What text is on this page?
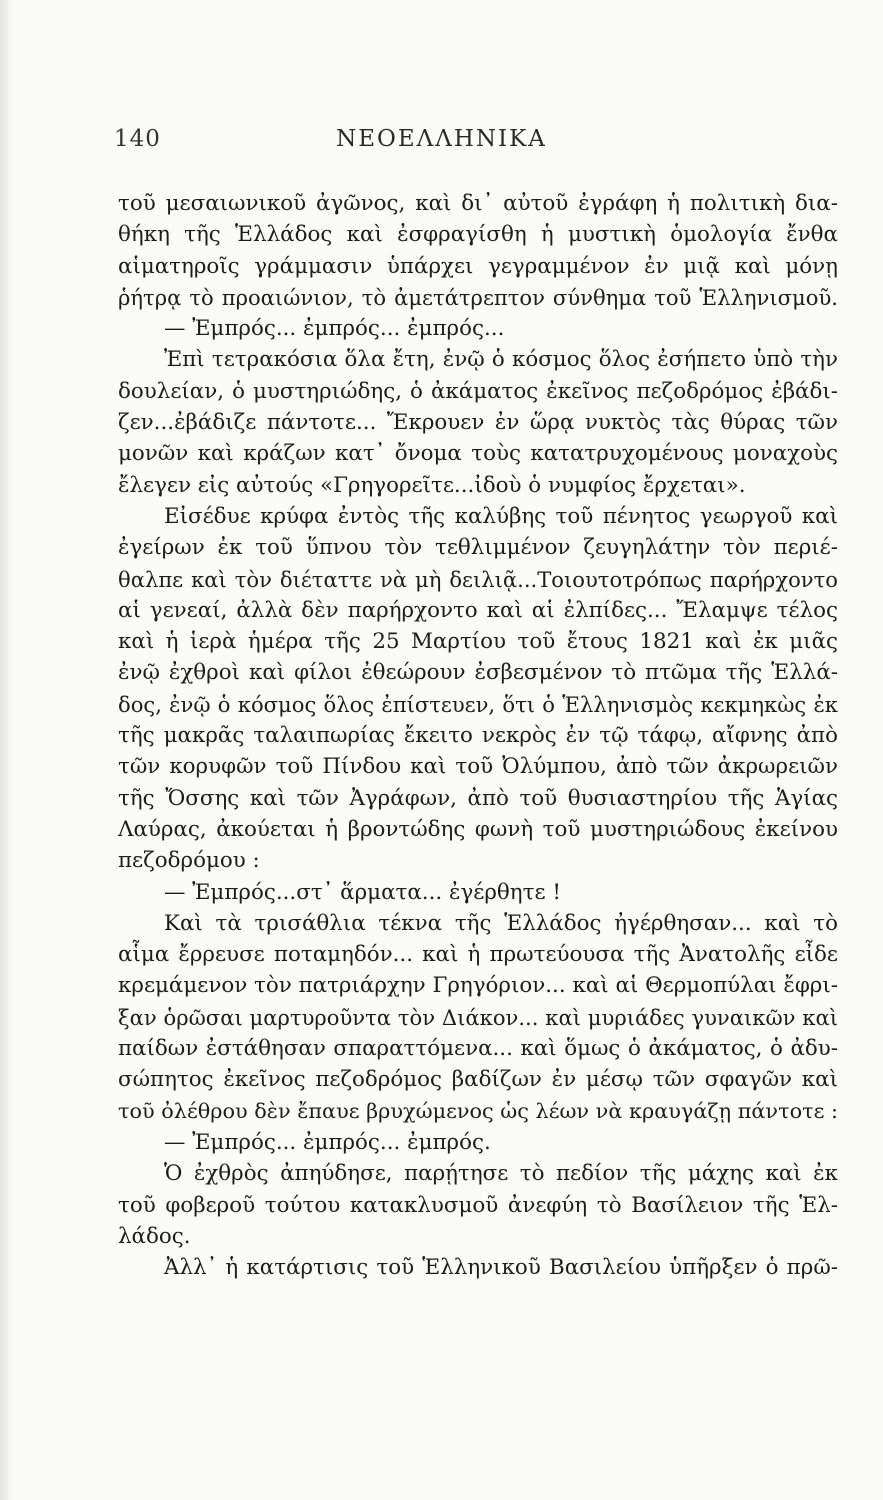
ΝΕΟΕΛΛΗΝΙΚΑ
140
τοῦ μεσαιωνικοῦ ἀγῶνος, καὶ δι᾽ αὐτοῦ ἐγράφη ἡ πολιτικὴ δια-
θήκη τῆς Ἑλλάδος καὶ ἐσφραγίσθη ἡ μυστικὴ ὁμολογία ἔνθα
αἱματηροῖς γράμμασιν ὑπάρχει γεγραμμένον ἐν μιᾷ καὶ μόνῃ
ῥήτρᾳ τὸ προαιώνιον, τὸ ἀμετάτρεπτον σύνθημα τοῦ Ἑλληνισμοῦ.
— Ἐμπρός... ἐμπρός... ἐμπρός...
Ἐπὶ τετρακόσια ὅλα ἔτη, ἐνῷ ὁ κόσμος ὅλος ἐσήπετο ὑπὸ τὴν
δουλείαν, ὁ μυστηριώδης, ὁ ἀκάματος ἐκεῖνος πεζοδρόμος ἐβάδι-
ζεν...ἐβάδιζε πάντοτε... Ἔκρουεν ἐν ὥρᾳ νυκτὸς τὰς θύρας τῶν
μονῶν καὶ κράζων κατ᾽ ὄνομα τοὺς κατατρυχομένους μοναχοὺς
ἔλεγεν εἰς αὐτούς «Γρηγορεῖτε...ἰδοὺ ὁ νυμφίος ἔρχεται».
Εἰσέδυε κρύφα ἐντὸς τῆς καλύβης τοῦ πένητος γεωργοῦ καὶ
ἐγείρων ἐκ τοῦ ὕπνου τὸν τεθλιμμένον ζευγηλάτην τὸν περιέ-
θαλπε καὶ τὸν διέταττε νὰ μὴ δειλιᾷ...Τοιουτοτρόπως παρήρχοντο
αἱ γενεαί, ἀλλὰ δὲν παρήρχοντο καὶ αἱ ἐλπίδες... Ἔλαμψε τέλος
καὶ ἡ ἱερὰ ἡμέρα τῆς 25 Μαρτίου τοῦ ἔτους 1821 καὶ ἐκ μιᾶς
ἐνῷ ἐχθροὶ καὶ φίλοι ἐθεώρουν ἐσβεσμένον τὸ πτῶμα τῆς Ἑλλά-
δος, ἐνῷ ὁ κόσμος ὅλος ἐπίστευεν, ὅτι ὁ Ἑλληνισμὸς κεκμηκὼς ἐκ
τῆς μακρᾶς ταλαιπωρίας ἔκειτο νεκρὸς ἐν τῷ τάφῳ, αἴφνης ἀπὸ
τῶν κορυφῶν τοῦ Πίνδου καὶ τοῦ Ὀλύμπου, ἀπὸ τῶν ἀκρωρειῶν
τῆς Ὄσσης καὶ τῶν Ἀγράφων, ἀπὸ τοῦ θυσιαστηρίου τῆς Ἁγίας
Λαύρας, ἀκούεται ἡ βροντώδης φωνὴ τοῦ μυστηριώδους ἐκείνου
πεζοδρόμου :
— Ἐμπρός...στ᾽ ἅρματα... ἐγέρθητε !
Καὶ τὰ τρισάθλια τέκνα τῆς Ἑλλάδος ἠγέρθησαν... καὶ τὸ
αἷμα ἔρρευσε ποταμηδόν... καὶ ἡ πρωτεύουσα τῆς Ἀνατολῆς εἶδε
κρεμάμενον τὸν πατριάρχην Γρηγόριον... καὶ αἱ Θερμοπύλαι ἔφρι-
ξαν ὁρῶσαι μαρτυροῦντα τὸν Διάκον... καὶ μυριάδες γυναικῶν καὶ
παίδων ἐστάθησαν σπαραττόμενα... καὶ ὅμως ὁ ἀκάματος, ὁ ἀδυ-
σώπητος ἐκεῖνος πεζοδρόμος βαδίζων ἐν μέσῳ τῶν σφαγῶν καὶ
τοῦ ὀλέθρου δὲν ἔπαυε βρυχώμενος ὡς λέων νὰ κραυγάζῃ πάντοτε :
— Ἐμπρός... ἐμπρός... ἐμπρός.
Ὁ ἐχθρὸς ἀπηύδησε, παρῄτησε τὸ πεδίον τῆς μάχης καὶ ἐκ
τοῦ φοβεροῦ τούτου κατακλυσμοῦ ἀνεφύη τὸ Βασίλειον τῆς Ἑλ-
λάδος.
Ἀλλ᾽ ἡ κατάρτισις τοῦ Ἑλληνικοῦ Βασιλείου ὑπῆρξεν ὁ πρῶ-
